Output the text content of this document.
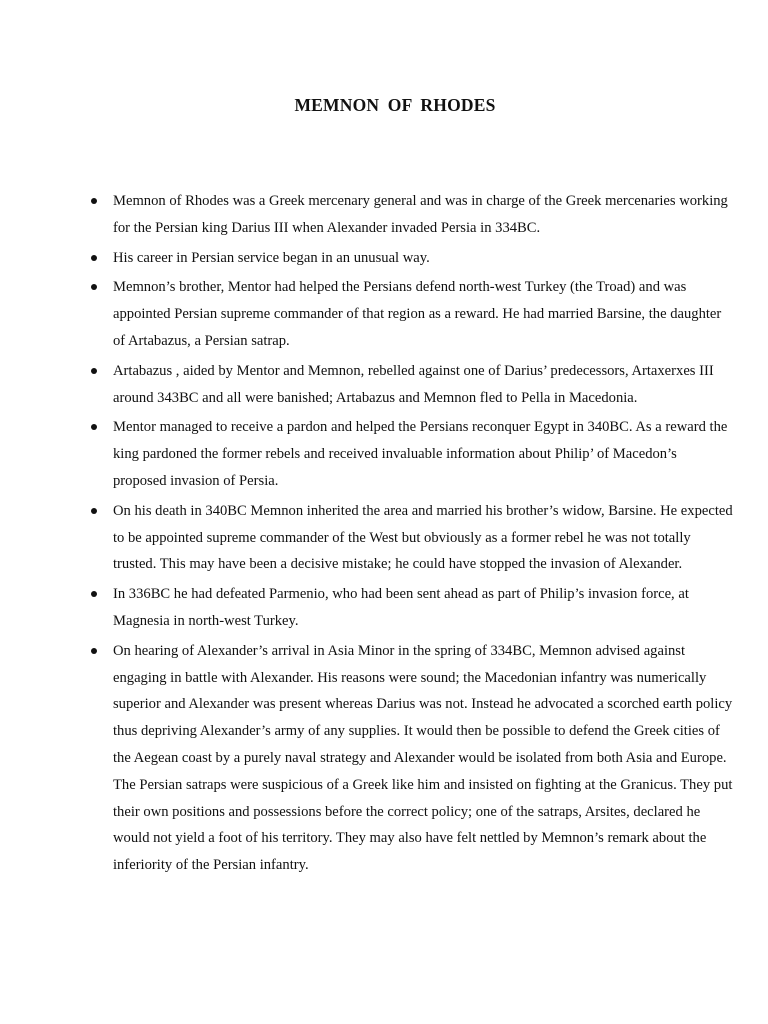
MEMNON OF RHODES
Memnon of Rhodes was a Greek mercenary general and was in charge of the Greek mercenaries working for the Persian king Darius III when Alexander invaded Persia in 334BC.
His career in Persian service began in an unusual way.
Memnon’s brother, Mentor had helped the Persians defend north-west Turkey (the Troad) and was appointed Persian supreme commander of that region as a reward. He had married Barsine, the daughter of Artabazus, a Persian satrap.
Artabazus , aided by Mentor and Memnon, rebelled against one of Darius’ predecessors, Artaxerxes III around 343BC and all were banished; Artabazus and Memnon fled to Pella in Macedonia.
Mentor managed to receive a pardon and helped the Persians reconquer Egypt in 340BC. As a reward the king pardoned the former rebels and received invaluable information about Philip’ of Macedon’s proposed invasion of Persia.
On his death in 340BC Memnon inherited the area and married his brother’s widow, Barsine. He expected to be appointed supreme commander of the West but obviously as a former rebel he was not totally trusted. This may have been a decisive mistake; he could have stopped the invasion of Alexander.
In 336BC he had defeated Parmenio, who had been sent ahead as part of Philip’s invasion force, at Magnesia in north-west Turkey.
On hearing of Alexander’s arrival in Asia Minor in the spring of 334BC, Memnon advised against engaging in battle with Alexander. His reasons were sound; the Macedonian infantry was numerically superior and Alexander was present whereas Darius was not. Instead he advocated a scorched earth policy thus depriving Alexander’s army of any supplies. It would then be possible to defend the Greek cities of the Aegean coast by a purely naval strategy and Alexander would be isolated from both Asia and Europe. The Persian satraps were suspicious of a Greek like him and insisted on fighting at the Granicus. They put their own positions and possessions before the correct policy; one of the satraps, Arsites, declared he would not yield a foot of his territory. They may also have felt nettled by Memnon’s remark about the inferiority of the Persian infantry.
